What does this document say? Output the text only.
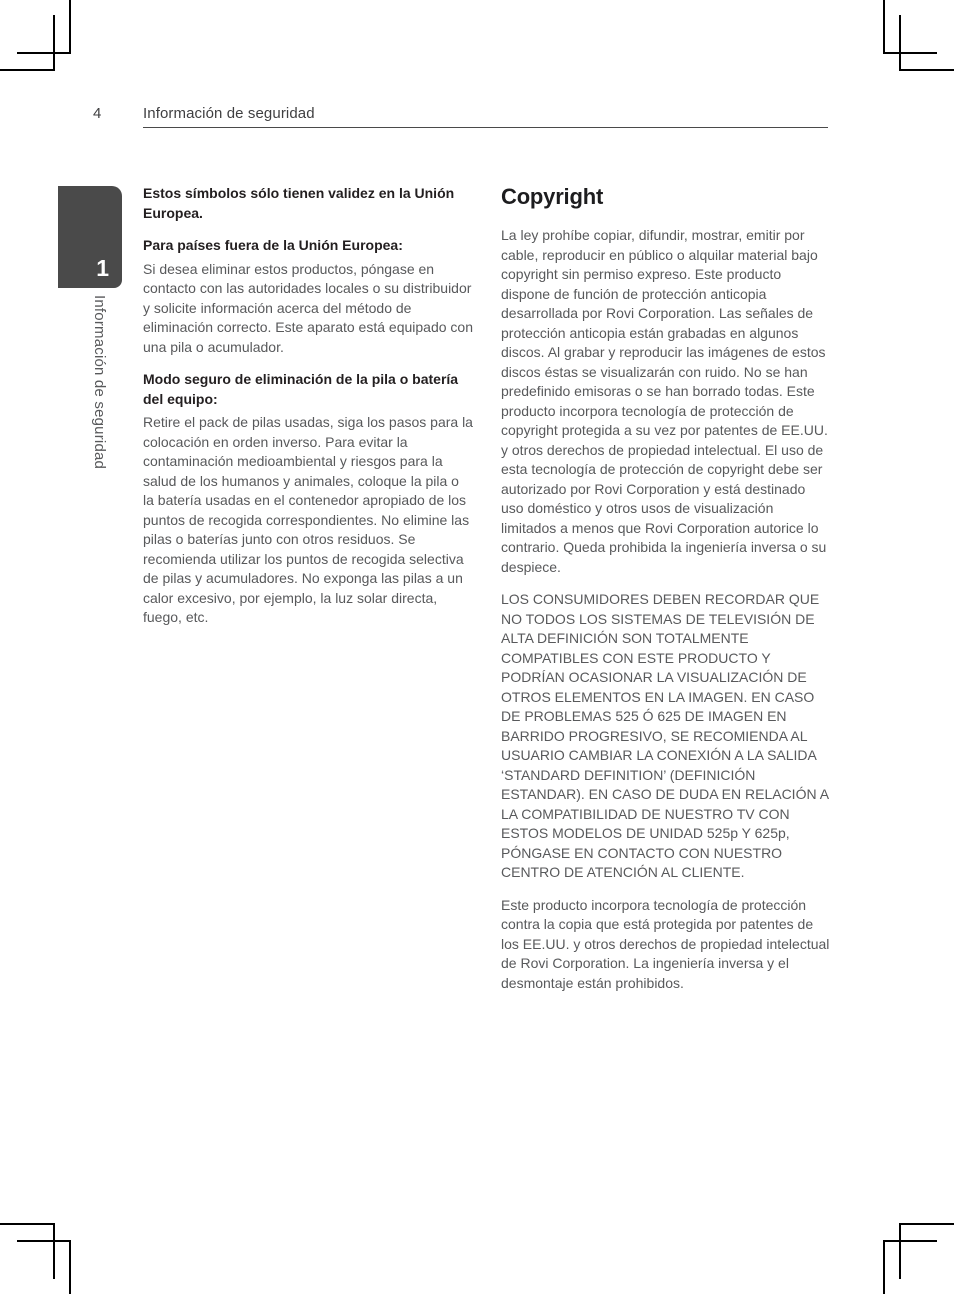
4	Información de seguridad
1
Información de seguridad

Estos símbolos sólo tienen validez en la Unión Europea.

Para países fuera de la Unión Europea:

Si desea eliminar estos productos, póngase en contacto con las autoridades locales o su distribuidor y solicite información acerca del método de eliminación correcto. Este aparato está equipado con una pila o acumulador.

Modo seguro de eliminación de la pila o batería del equipo:

Retire el pack de pilas usadas, siga los pasos para la colocación en orden inverso. Para evitar la contaminación medioambiental y riesgos para la salud de los humanos y animales, coloque la pila o la batería usadas en el contenedor apropiado de los puntos de recogida correspondientes. No elimine las pilas o baterías junto con otros residuos. Se recomienda utilizar los puntos de recogida selectiva de pilas y acumuladores. No exponga las pilas a un calor excesivo, por ejemplo, la luz solar directa, fuego, etc.

Copyright

La ley prohíbe copiar, difundir, mostrar, emitir por cable, reproducir en público o alquilar material bajo copyright sin permiso expreso. Este producto dispone de función de protección anticopia desarrollada por Rovi Corporation. Las señales de protección anticopia están grabadas en algunos discos. Al grabar y reproducir las imágenes de estos discos éstas se visualizarán con ruido. No se han predefinido emisoras o se han borrado todas. Este producto incorpora tecnología de protección de copyright protegida a su vez por patentes de EE.UU. y otros derechos de propiedad intelectual. El uso de esta tecnología de protección de copyright debe ser autorizado por Rovi Corporation y está destinado uso doméstico y otros usos de visualización limitados a menos que Rovi Corporation autorice lo contrario. Queda prohibida la ingeniería inversa o su despiece.

LOS CONSUMIDORES DEBEN RECORDAR QUE NO TODOS LOS SISTEMAS DE TELEVISIÓN DE ALTA DEFINICIÓN SON TOTALMENTE COMPATIBLES CON ESTE PRODUCTO Y PODRÍAN OCASIONAR LA VISUALIZACIÓN DE OTROS ELEMENTOS EN LA IMAGEN. EN CASO DE PROBLEMAS 525 Ó 625 DE IMAGEN EN BARRIDO PROGRESIVO, SE RECOMIENDA AL USUARIO CAMBIAR LA CONEXIÓN A LA SALIDA ‘STANDARD DEFINITION’ (DEFINICIÓN ESTANDAR). EN CASO DE DUDA EN RELACIÓN A LA COMPATIBILIDAD DE NUESTRO TV CON ESTOS MODELOS DE UNIDAD 525p Y 625p, PÓNGASE EN CONTACTO CON NUESTRO CENTRO DE ATENCIÓN AL CLIENTE.

Este producto incorpora tecnología de protección contra la copia que está protegida por patentes de los EE.UU. y otros derechos de propiedad intelectual de Rovi Corporation. La ingeniería inversa y el desmontaje están prohibidos.
